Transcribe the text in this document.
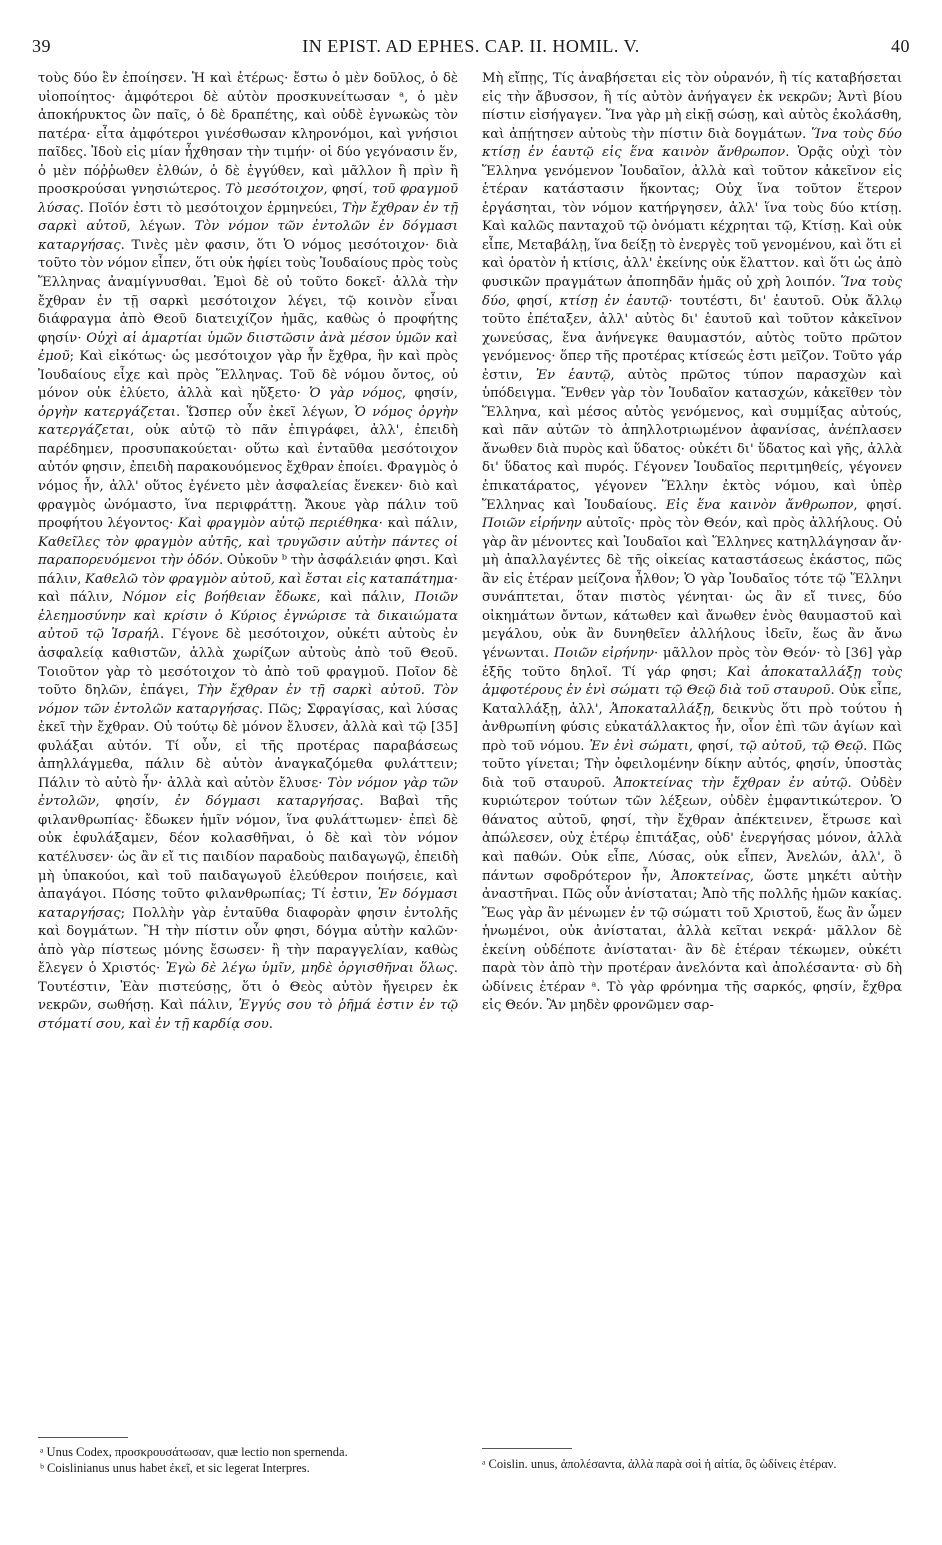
39	IN EPIST. AD EPHES. CAP. II. HOMIL. V.	40

τοὺς δύο ἓν ἐποίησεν. Ἡ καὶ ἑτέρως· ἔστω ὁ μὲν δοῦλος, ὁ δὲ υἱοποίητος· ἀμφότεροι δὲ αὐτὸν προσκυνείτωσαν ᵃ, ὁ μὲν ἀποκήρυκτος ὢν παῖς, ὁ δὲ δραπέτης, καὶ οὐδὲ ἐγνωκὼς τὸν πατέρα· εἶτα ἀμφότεροι γινέσθωσαν κληρονόμοι, καὶ γνήσιοι παῖδες. Ἰδοὺ εἰς μίαν ἦχθησαν τὴν τιμήν· οἱ δύο γεγόνασιν ἕν, ὁ μὲν πόῤῥωθεν ἐλθών, ὁ δὲ ἐγγύθεν, καὶ μᾶλλον ἢ πρὶν ἢ προσκρούσαι γνησιώτερος. Τὸ μεσότοιχον, φησί, τοῦ φραγμοῦ λύσας. Ποῖόν ἐστι τὸ μεσότοιχον ἑρμηνεύει, Τὴν ἔχθραν ἐν τῇ σαρκὶ αὐτοῦ, λέγων. Τὸν νόμον τῶν ἐντολῶν ἐν δόγμασι καταργήσας. Τινὲς μὲν φασιν, ὅτι Ὁ νόμος μεσότοιχον· διὰ τοῦτο τὸν νόμον εἶπεν, ὅτι οὐκ ἠφίει τοὺς Ἰουδαίους πρὸς τοὺς Ἕλληνας ἀναμίγνυσθαι. Ἐμοὶ δὲ οὐ τοῦτο δοκεῖ· ἀλλὰ τὴν ἔχθραν ἐν τῇ σαρκὶ μεσότοιχον λέγει, τῷ κοινὸν εἶναι διάφραγμα ἀπὸ Θεοῦ διατειχίζον ἡμᾶς, καθὼς ὁ προφήτης φησίν· Οὐχὶ αἱ ἁμαρτίαι ὑμῶν διιστῶσιν ἀνὰ μέσον ὑμῶν καὶ ἐμοῦ; Καὶ εἰκότως· ὡς μεσότοιχον γὰρ ἦν ἔχθρα, ἣν καὶ πρὸς Ἰουδαίους εἶχε καὶ πρὸς Ἕλληνας. Τοῦ δὲ νόμου ὄντος, οὐ μόνον οὐκ ἐλύετο, ἀλλὰ καὶ ηὔξετο· Ὁ γὰρ νόμος, φησίν, ὀργὴν κατεργάζεται. Ὥσπερ οὖν ἐκεῖ λέγων, Ὁ νόμος ὀργὴν κατεργάζεται, οὐκ αὐτῷ τὸ πᾶν ἐπιγράφει, ἀλλ', ἐπειδὴ παρέδημεν, προσυπακούεται· οὕτω καὶ ἐνταῦθα μεσότοιχον αὐτόν φησιν, ἐπειδὴ παρακουόμενος ἔχθραν ἐποίει. Φραγμὸς ὁ νόμος ἦν, ἀλλ' οὕτος ἐγένετο μὲν ἀσφαλείας ἕνεκεν· διὸ καὶ φραγμὸς ὠνόμαστο, ἵνα περιφράττῃ. Ἄκουε γὰρ πάλιν τοῦ προφήτου λέγοντος· Καὶ φραγμὸν αὐτῷ περιέθηκα· καὶ πάλιν, Καθεῖλες τὸν φραγμὸν αὐτῆς, καὶ τρυγῶσιν αὐτὴν πάντες οἱ παραπορευόμενοι τὴν ὁδόν. Οὐκοῦν ᵇ τὴν ἀσφάλειάν φησι. Καὶ πάλιν, Καθελῶ τὸν φραγμὸν αὐτοῦ, καὶ ἔσται εἰς καταπάτημα· καὶ πάλιν, Νόμον εἰς βοήθειαν ἔδωκε, καὶ πάλιν, Ποιῶν ἐλεημοσύνην καὶ κρίσιν ὁ Κύριος ἐγνώρισε τὰ δικαιώματα αὐτοῦ τῷ Ἰσραήλ. Γέγονε δὲ μεσότοιχον, οὐκέτι αὐτοὺς ἐν ἀσφαλείᾳ καθιστῶν, ἀλλὰ χωρίζων αὐτοὺς ἀπὸ τοῦ Θεοῦ. Τοιοῦτον γὰρ τὸ μεσότοιχον τὸ ἀπὸ τοῦ φραγμοῦ. Ποῖον δὲ τοῦτο δηλῶν, ἐπάγει, Τὴν ἔχθραν ἐν τῇ σαρκὶ αὐτοῦ. Τὸν νόμον τῶν ἐντολῶν καταργήσας. Πῶς; Σφραγίσας, καὶ λύσας ἐκεῖ τὴν ἔχθραν. Οὐ τούτῳ δὲ μόνον ἔλυσεν, ἀλλὰ καὶ τῷ [35] φυλάξαι αὐτόν. Τί οὖν, εἰ τῆς προτέρας παραβάσεως ἀπηλλάγμεθα, πάλιν δὲ αὐτὸν ἀναγκαζόμεθα φυλάττειν; Πάλιν τὸ αὐτὸ ἦν· ἀλλὰ καὶ αὐτὸν ἔλυσε· Τὸν νόμον γὰρ τῶν ἐντολῶν, φησίν, ἐν δόγμασι καταργήσας. Βαβαὶ τῆς φιλανθρωπίας· ἔδωκεν ἡμῖν νόμον, ἵνα φυλάττωμεν· ἐπεὶ δὲ οὐκ ἐφυλάξαμεν, δέον κολασθῆναι, ὁ δὲ καὶ τὸν νόμον κατέλυσεν· ὡς ἂν εἴ τις παιδίον παραδοὺς παιδαγωγῷ, ἐπειδὴ μὴ ὑπακούοι, καὶ τοῦ παιδαγωγοῦ ἐλεύθερον ποιήσειε, καὶ ἀπαγάγοι. Πόσης τοῦτο φιλανθρωπίας; Τί ἐστιν, Ἐν δόγμασι καταργήσας; Πολλὴν γὰρ ἐνταῦθα διαφορὰν φησιν ἐντολῆς καὶ δογμάτων. Ἢ τὴν πίστιν οὖν φησι, δόγμα αὐτὴν καλῶν· ἀπὸ γὰρ πίστεως μόνης ἔσωσεν· ἢ τὴν παραγγελίαν, καθὼς ἔλεγεν ὁ Χριστός· Ἐγὼ δὲ λέγω ὑμῖν, μηδὲ ὀργισθῆναι ὅλως. Τουτέστιν, Ἐὰν πιστεύσῃς, ὅτι ὁ Θεὸς αὐτὸν ἤγειρεν ἐκ νεκρῶν, σωθήσῃ. Καὶ πάλιν, Ἐγγύς σου τὸ ῥῆμά ἐστιν ἐν τῷ στόματί σου, καὶ ἐν τῇ καρδίᾳ σου.

Μὴ εἴπῃς, Τίς ἀναβήσεται εἰς τὸν οὐρανόν, ἢ τίς καταβήσεται εἰς τὴν ἄβυσσον, ἢ τίς αὐτὸν ἀνήγαγεν ἐκ νεκρῶν; Ἀντὶ βίου πίστιν εἰσήγαγεν. Ἵνα γὰρ μὴ εἰκῇ σώσῃ, καὶ αὐτὸς ἐκολάσθη, καὶ ἀπῄτησεν αὐτοὺς τὴν πίστιν διὰ δογμάτων. Ἵνα τοὺς δύο κτίσῃ ἐν ἑαυτῷ εἰς ἕνα καινὸν ἄνθρωπον. Ὁρᾷς οὐχὶ τὸν Ἕλληνα γενόμενον Ἰουδαῖον, ἀλλὰ καὶ τοῦτον κἀκεῖνον εἰς ἑτέραν κατάστασιν ἥκοντας; Οὐχ ἵνα τοῦτον ἕτερον ἐργάσηται, τὸν νόμον κατήργησεν, ἀλλ' ἵνα τοὺς δύο κτίσῃ. Καὶ καλῶς πανταχοῦ τῷ ὀνόματι κέχρηται τῷ, Κτίσῃ. Καὶ οὐκ εἶπε, Μεταβάλῃ, ἵνα δείξῃ τὸ ἐνεργὲς τοῦ γενομένου, καὶ ὅτι εἰ καὶ ὁρατὸν ἡ κτίσις, ἀλλ' ἐκείνης οὐκ ἔλαττον. καὶ ὅτι ὡς ἀπὸ φυσικῶν πραγμάτων ἀποπηδᾶν ἡμᾶς οὐ χρὴ λοιπόν. Ἵνα τοὺς δύο, φησί, κτίσῃ ἐν ἑαυτῷ· τουτέστι, δι' ἑαυτοῦ. Οὐκ ἄλλῳ τοῦτο ἐπέταξεν, ἀλλ' αὐτὸς δι' ἑαυτοῦ καὶ τοῦτον κἀκεῖνον χωνεύσας, ἕνα ἀνήνεγκε θαυμαστόν, αὐτὸς τοῦτο πρῶτον γενόμενος· ὅπερ τῆς προτέρας κτίσεώς ἐστι μεῖζον. Τοῦτο γάρ ἐστιν, Ἐν ἑαυτῷ, αὐτὸς πρῶτος τύπον παρασχὼν καὶ ὑπόδειγμα. Ἔνθεν γὰρ τὸν Ἰουδαῖον κατασχών, κἀκεῖθεν τὸν Ἕλληνα, καὶ μέσος αὐτὸς γενόμενος, καὶ συμμίξας αὐτούς, καὶ πᾶν αὐτῶν τὸ ἀπηλλοτριωμένον ἀφανίσας, ἀνέπλασεν ἄνωθεν διὰ πυρὸς καὶ ὕδατος· οὐκέτι δι' ὕδατος καὶ γῆς, ἀλλὰ δι' ὕδατος καὶ πυρός. Γέγονεν Ἰουδαῖος περιτμηθείς, γέγονεν ἐπικατάρατος, γέγονεν Ἕλλην ἐκτὸς νόμου, καὶ ὑπὲρ Ἕλληνας καὶ Ἰουδαίους. Εἰς ἕνα καινὸν ἄνθρωπον, φησί. Ποιῶν εἰρήνην αὐτοῖς· πρὸς τὸν Θεόν, καὶ πρὸς ἀλλήλους. Οὐ γὰρ ἂν μένοντες καὶ Ἰουδαῖοι καὶ Ἕλληνες κατηλλάγησαν ἄν· μὴ ἀπαλλαγέντες δὲ τῆς οἰκείας καταστάσεως ἑκάστος, πῶς ἂν εἰς ἑτέραν μείζονα ἦλθον; Ὁ γὰρ Ἰουδαῖος τότε τῷ Ἕλληνι συνάπτεται, ὅταν πιστὸς γένηται· ὡς ἂν εἴ τινες, δύο οἰκημάτων ὄντων, κάτωθεν καὶ ἄνωθεν ἑνὸς θαυμαστοῦ καὶ μεγάλου, οὐκ ἂν δυνηθεῖεν ἀλλήλους ἰδεῖν, ἕως ἂν ἄνω γένωνται. Ποιῶν εἰρήνην· μᾶλλον πρὸς τὸν Θεόν· τὸ [36] γὰρ ἑξῆς τοῦτο δηλοῖ. Τί γάρ φησι; Καὶ ἀποκαταλλάξῃ τοὺς ἀμφοτέρους ἐν ἑνὶ σώματι τῷ Θεῷ διὰ τοῦ σταυροῦ. Οὐκ εἶπε, Καταλλάξῃ, ἀλλ', Ἀποκαταλλάξῃ, δεικνὺς ὅτι πρὸ τούτου ἡ ἀνθρωπίνη φύσις εὐκατάλλακτος ἦν, οἷον ἐπὶ τῶν ἁγίων καὶ πρὸ τοῦ νόμου. Ἐν ἑνὶ σώματι, φησί, τῷ αὐτοῦ, τῷ Θεῷ. Πῶς τοῦτο γίνεται; Τὴν ὀφειλομένην δίκην αὐτός, φησίν, ὑποστὰς διὰ τοῦ σταυροῦ. Ἀποκτείνας τὴν ἔχθραν ἐν αὐτῷ. Οὐδὲν κυριώτερον τούτων τῶν λέξεων, οὐδὲν ἐμφαντικώτερον. Ὁ θάνατος αὐτοῦ, φησί, τὴν ἔχθραν ἀπέκτεινεν, ἔτρωσε καὶ ἀπώλεσεν, οὐχ ἑτέρῳ ἐπιτάξας, οὐδ' ἐνεργήσας μόνον, ἀλλὰ καὶ παθών. Οὐκ εἶπε, Λύσας, οὐκ εἶπεν, Ἀνελών, ἀλλ', ὃ πάντων σφοδρότερον ἦν, Ἀποκτείνας, ὥστε μηκέτι αὐτὴν ἀναστῆναι. Πῶς οὖν ἀνίσταται; Ἀπὸ τῆς πολλῆς ἡμῶν κακίας. Ἕως γὰρ ἂν μένωμεν ἐν τῷ σώματι τοῦ Χριστοῦ, ἕως ἂν ὦμεν ἡνωμένοι, οὐκ ἀνίσταται, ἀλλὰ κεῖται νεκρά· μᾶλλον δὲ ἐκείνη οὐδέποτε ἀνίσταται· ἂν δὲ ἑτέραν τέκωμεν, οὐκέτι παρὰ τὸν ἀπὸ τὴν προτέραν ἀνελόντα καὶ ἀπολέσαντα· σὺ δὴ ὠδίνεις ἑτέραν ᵃ. Τὸ γὰρ φρόνημα τῆς σαρκός, φησίν, ἔχθρα εἰς Θεόν. Ἂν μηδὲν φρονῶμεν σαρ-

ᵃ Unus Codex, προσκρουσάτωσαν, quæ lectio non spernenda.
ᵇ Coislinianus unus habet ἐκεῖ, et sic legerat Interpres.	ᵃ Coislin. unus, ἀπολέσαντα, ἀλλὰ παρὰ σοὶ ἡ αἰτία, ὃς ὠδίνεις ἑτέραν.
